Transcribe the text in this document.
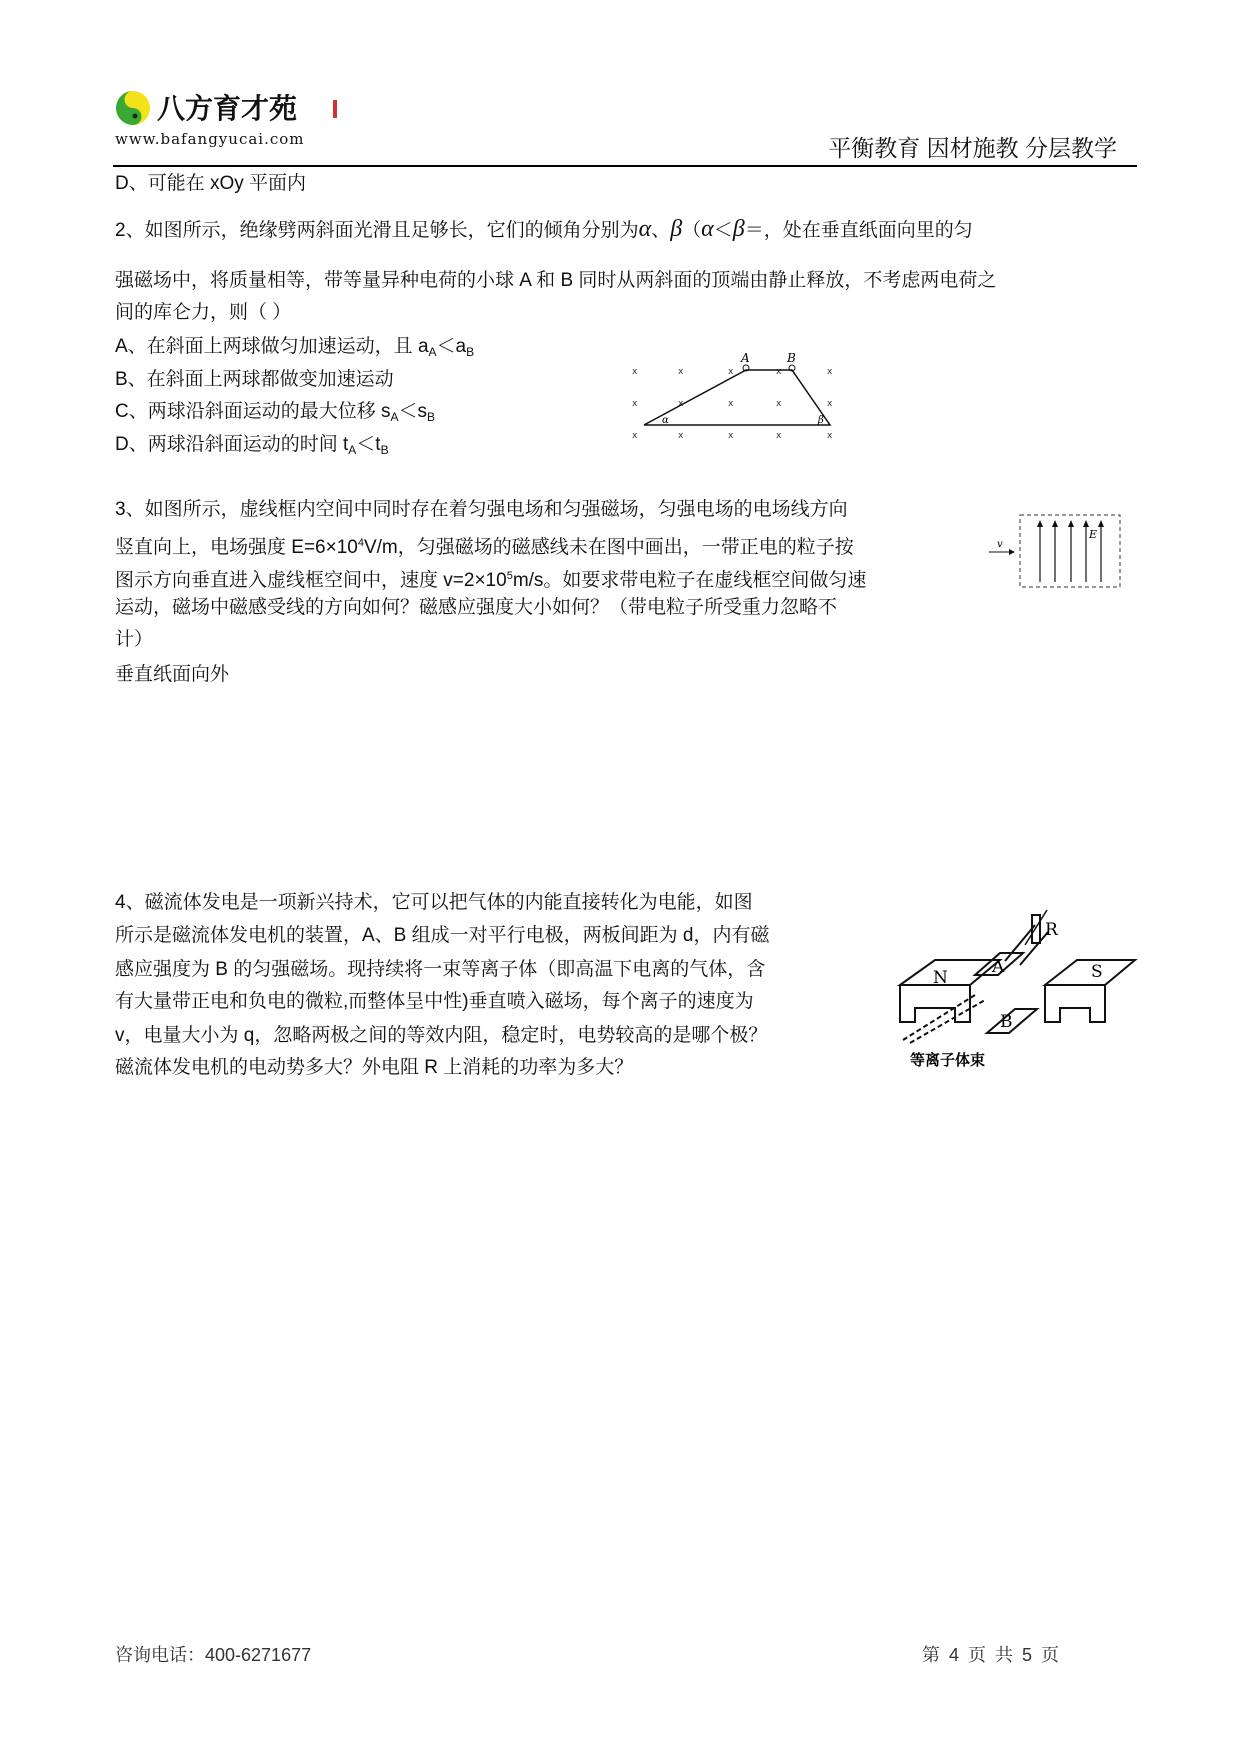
八方育才苑
www.bafangyucai.com	平衡教育 因材施教 分层教学
D、可能在 xOy 平面内
2、如图所示，绝缘劈两斜面光滑且足够长，它们的倾角分别为α、β（α＜β＝，处在垂直纸面向里的匀
强磁场中，将质量相等，带等量异种电荷的小球 A 和 B 同时从两斜面的顶端由静止释放，不考虑两电荷之
间的库仑力，则（ ）
A、在斜面上两球做匀加速运动，且 $a_A<a_B$
B、在斜面上两球都做变加速运动
C、两球沿斜面运动的最大位移 $s_A<s_B$
D、两球沿斜面运动的时间 $t_A<t_B$
x	x	x	x	x
x	x	x	x	x
x	x	x	x	x
A	B
α	β
3、如图所示，虚线框内空间中同时存在着匀强电场和匀强磁场，匀强电场的电场线方向
竖直向上，电场强度 $E=6\times 10^4V/m$，匀强磁场的磁感线未在图中画出，一带正电的粒子按
图示方向垂直进入虚线框空间中，速度 $v=2\times 10^5m/s$。如要求带电粒子在虚线框空间做匀速
运动，磁场中磁感受线的方向如何？磁感应强度大小如何？（带电粒子所受重力忽略不
计）
垂直纸面向外
v
E
4、磁流体发电是一项新兴持术，它可以把气体的内能直接转化为电能，如图
所示是磁流体发电机的装置，A、B 组成一对平行电极，两板间距为 d，内有磁
感应强度为 B 的匀强磁场。现持续将一束等离子体（即高温下电离的气体，含
有大量带正电和负电的微粒,而整体呈中性)垂直喷入磁场，每个离子的速度为
v，电量大小为 q，忽略两极之间的等效内阻，稳定时，电势较高的是哪个极？
磁流体发电机的电动势多大？外电阻 R 上消耗的功率为多大？
N	S
A
B
R
等离子体束
咨询电话：400-6271677	第 4 页 共 5 页
